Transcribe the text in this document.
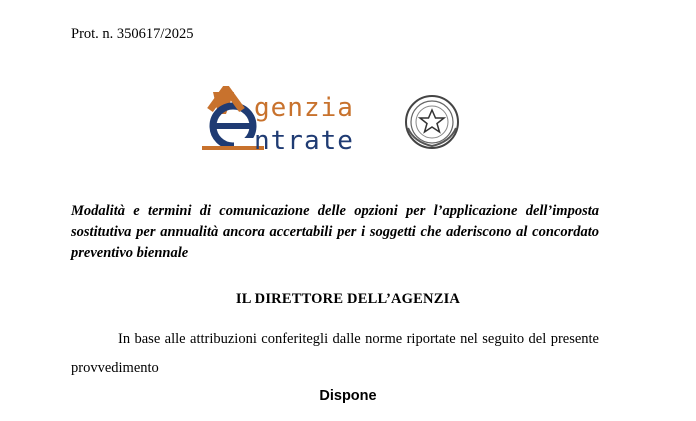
Prot. n. 350617/2025
genzia
ntrate
Modalità e termini di comunicazione delle opzioni per l’applicazione dell’imposta sostitutiva per annualità ancora accertabili per i soggetti che aderiscono al concordato preventivo biennale
IL DIRETTORE DELL’AGENZIA
In base alle attribuzioni conferitegli dalle norme riportate nel seguito del presente provvedimento
Dispone
